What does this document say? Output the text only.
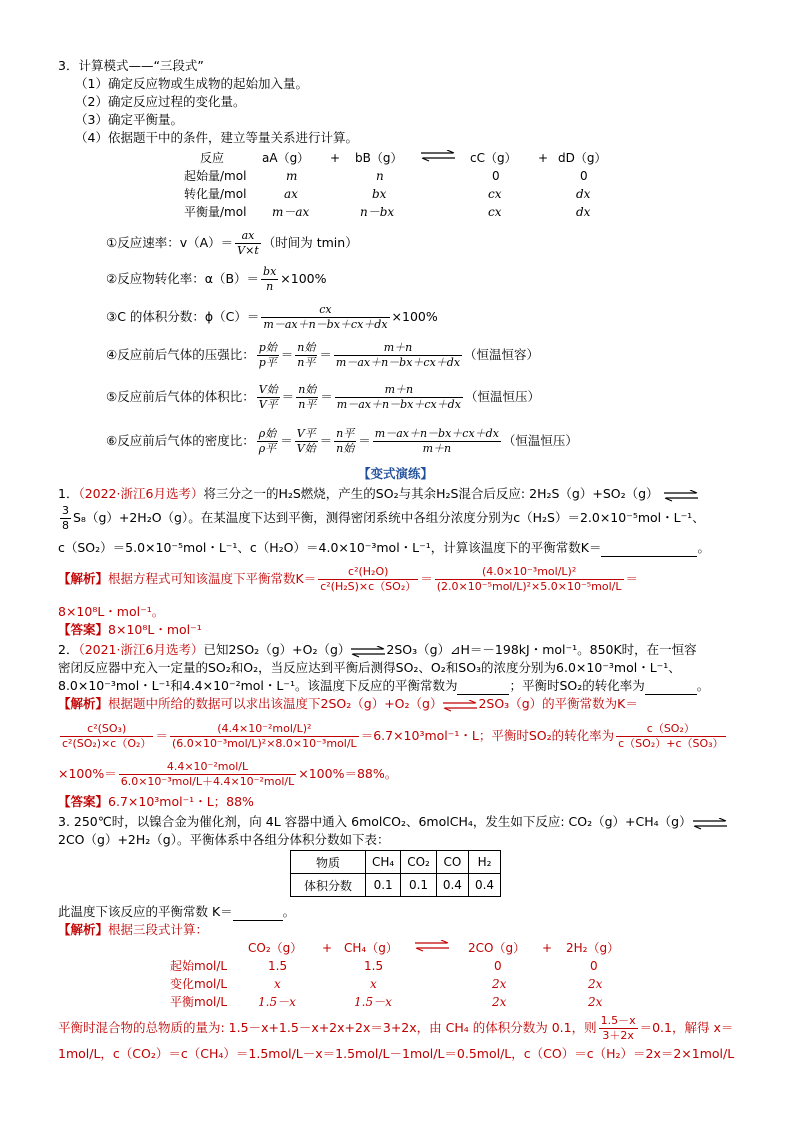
3．计算模式——“三段式”
（1）确定反应物或生成物的起始加入量。
（2）确定反应过程的变化量。
（3）确定平衡量。
（4）依据题干中的条件，建立等量关系进行计算。
反应	aA（g） + bB（g） ⇌ cC（g） + dD（g）
起始量/mol	m	n	0	0
转化量/mol	ax	bx	cx	dx
平衡量/mol m－ax	n－bx	cx	dx
①反应速率：$v(A)= \frac{ax}{V\times t}$ （时间为 tmin）
②反应物转化率：$\alpha(B)= \frac{bx}{n} \times 100\%$
③C 的体积分数：$\phi(C)= \frac{cx}{m-ax+n-bx+cx+dx} \times 100\%$
④反应前后气体的压强比： $\frac{\text{p始}}{\text{p平}} = \frac{\text{n始}}{\text{n平}} = \frac{m+n}{m-ax+n-bx+cx+dx}$ （恒温恒容）
⑤反应前后气体的体积比： $\frac{\text{V始}}{\text{V平}} = \frac{\text{n始}}{\text{n平}} = \frac{m+n}{m-ax+n-bx+cx+dx}$ （恒温恒压）
⑥反应前后气体的密度比： $\frac{\text{ρ始}}{\text{ρ平}} = \frac{\text{V平}}{\text{V始}} = \frac{\text{n平}}{\text{n始}} = \frac{m-ax+n-bx+cx+dx}{m+n}$ （恒温恒压）
【变式演练】
1．（2022·浙江6月选考）将三分之一的H₂S燃烧，产生的SO₂与其余H₂S混合后反应: 2H₂S（g）+SO₂（g） ⇌
$\frac{3}{8} S_8(g)+2H_2O(g)$。在某温度下达到平衡，测得密闭系统中各组分浓度分别为c（H₂S）＝2.0×10⁻⁵mol・L⁻¹、
c（SO₂）＝5.0×10⁻⁵mol・L⁻¹、c（H₂O）＝4.0×10⁻³mol・L⁻¹，计算该温度下的平衡常数K＝	。
【解析】根据方程式可知该温度下平衡常数$K= \frac{\text{c²(H₂O)}}{\text{c²(H₂S)×c（SO₂）}} = \frac{\text{(4.0×10⁻³mol/L)²}}{\text{(2.0×10⁻⁵mol/L)²×5.0×10⁻⁵mol/L}}$ ＝
8×10⁸L・mol⁻¹。
【答案】8×10⁸L・mol⁻¹
2．（2021·浙江6月选考）已知2SO₂（g）+O₂（g）⇌2SO₃（g）⊿H＝－198kJ・mol⁻¹。850K时，在一恒容
密闭反应器中充入一定量的SO₂和O₂，当反应达到平衡后测得SO₂、O₂和SO₃的浓度分别为6.0×10⁻³mol・L⁻¹、
8.0×10⁻³mol・L⁻¹和4.4×10⁻²mol・L⁻¹。该温度下反应的平衡常数为	；平衡时SO₂的转化率为	。
【解析】根据题中所给的数据可以求出该温度下2SO₂（g）+O₂（g）⇌2SO₃（g）的平衡常数为K＝
$\frac{\text{c²(SO₃)}}{\text{c²(SO₂)×c（O₂）}} = \frac{\text{(4.4×10⁻²mol/L)²}}{\text{(6.0×10⁻³mol/L)²×8.0×10⁻³mol/L}} =6.7\times 10^3mol^{-1}$・L；平衡时SO₂的转化率为 $\frac{\text{c（SO₂）}}{\text{c（SO₂）+c（SO₃）}}$
$\times 100\%= \frac{\text{4.4×10⁻²mol/L}}{\text{6.0×10⁻³mol/L＋4.4×10⁻²mol/L}} \times 100\%=88\%$。
【答案】6.7×10³mol⁻¹・L；88%
3. 250℃时，以镍合金为催化剂，向 4L 容器中通入 6molCO₂、6molCH₄，发生如下反应: CO₂（g）+CH₄（g）⇌
2CO（g）+2H₂（g）。平衡体系中各组分体积分数如下表：
物质	CH₄	CO₂	CO	H₂
体积分数	0.1	0.1	0.4	0.4
此温度下该反应的平衡常数 K＝	。
【解析】根据三段式计算：
CO₂（g） + CH₄（g） ⇌ 2CO（g） + 2H₂（g）
起始mol/L	1.5	1.5	0	0
变化mol/L	x	x	2x	2x
平衡mol/L	1.5－x	1.5－x	2x	2x
平衡时混合物的总物质的量为: 1.5－x+1.5－x+2x+2x＝3+2x，由 CH₄ 的体积分数为 0.1，则 $\frac{1.5-x}{3+2x} =0.1$，解得 x＝
1mol/L，c（CO₂）＝c（CH₄）＝1.5mol/L－x＝1.5mol/L－1mol/L＝0.5mol/L，c（CO）＝c（H₂）＝2x＝2×1mol/L
